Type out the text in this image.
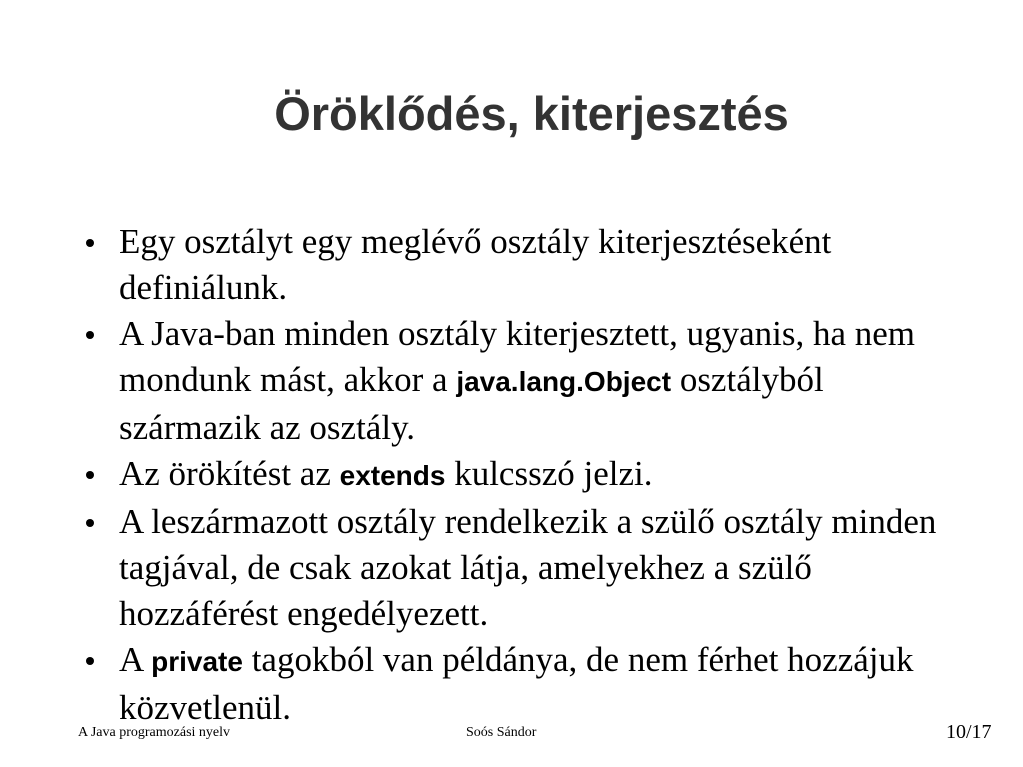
Öröklődés, kiterjesztés
Egy osztályt egy meglévő osztály kiterjesztéseként definiálunk.
A Java-ban minden osztály kiterjesztett, ugyanis, ha nem mondunk mást, akkor a java.lang.Object osztályból származik az osztály.
Az örökítést az extends kulcsszó jelzi.
A leszármazott osztály rendelkezik a szülő osztály minden tagjával, de csak azokat látja, amelyekhez a szülő hozzáférést engedélyezett.
A private tagokból van példánya, de nem férhet hozzájuk közvetlenül.
A Java programozási nyelv	Soós Sándor	10/17
